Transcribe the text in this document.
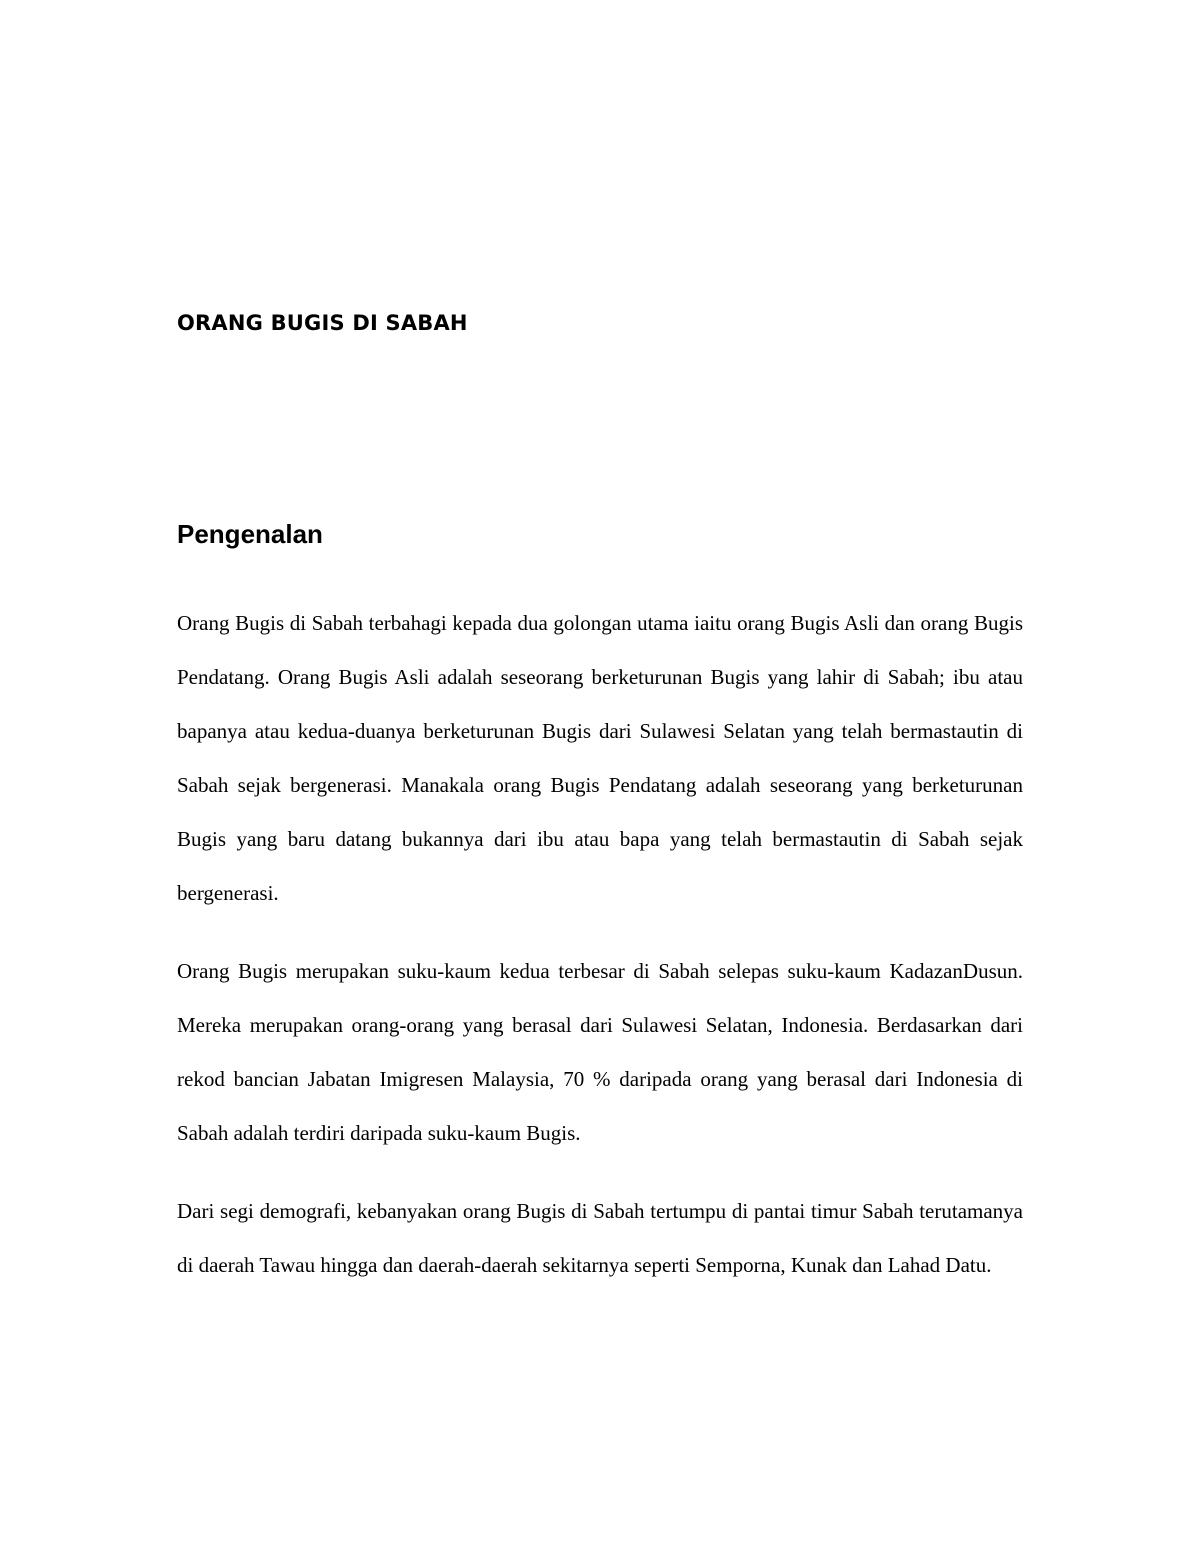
ORANG BUGIS DI SABAH
Pengenalan

Orang Bugis di Sabah terbahagi kepada dua golongan utama iaitu orang Bugis Asli dan orang Bugis Pendatang. Orang Bugis Asli adalah seseorang berketurunan Bugis yang lahir di Sabah; ibu atau bapanya atau kedua-duanya berketurunan Bugis dari Sulawesi Selatan yang telah bermastautin di Sabah sejak bergenerasi. Manakala orang Bugis Pendatang adalah seseorang yang berketurunan Bugis yang baru datang bukannya dari ibu atau bapa yang telah bermastautin di Sabah sejak bergenerasi.

Orang Bugis merupakan suku-kaum kedua terbesar di Sabah selepas suku-kaum KadazanDusun. Mereka merupakan orang-orang yang berasal dari Sulawesi Selatan, Indonesia. Berdasarkan dari rekod bancian Jabatan Imigresen Malaysia, 70 % daripada orang yang berasal dari Indonesia di Sabah adalah terdiri daripada suku-kaum Bugis.

Dari segi demografi, kebanyakan orang Bugis di Sabah tertumpu di pantai timur Sabah terutamanya di daerah Tawau hingga dan daerah-daerah sekitarnya seperti Semporna, Kunak dan Lahad Datu.
